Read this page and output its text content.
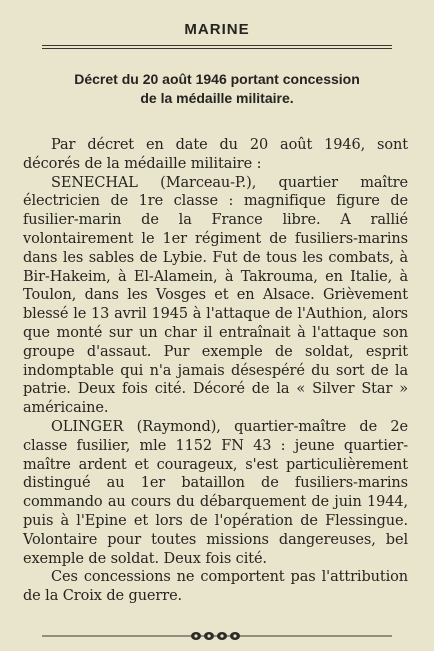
MARINE
Décret du 20 août 1946 portant concession
de la médaille militaire.

Par décret en date du 20 août 1946, sont décorés de la médaille militaire :

SENECHAL (Marceau-P.), quartier maître électricien de 1re classe : magnifique figure de fusilier-marin de la France libre. A rallié volontairement le 1er régiment de fusiliers-marins dans les sables de Lybie. Fut de tous les combats, à Bir-Hakeim, à El-Alamein, à Takrouma, en Italie, à Toulon, dans les Vosges et en Alsace. Grièvement blessé le 13 avril 1945 à l'attaque de l'Authion, alors que monté sur un char il entraînait à l'attaque son groupe d'assaut. Pur exemple de soldat, esprit indomptable qui n'a jamais désespéré du sort de la patrie. Deux fois cité. Décoré de la « Silver Star » américaine.

OLINGER (Raymond), quartier-maître de 2e classe fusilier, mle 1152 FN 43 : jeune quartier-maître ardent et courageux, s'est particulièrement distingué au 1er bataillon de fusiliers-marins commando au cours du débarquement de juin 1944, puis à l'Epine et lors de l'opération de Flessingue. Volontaire pour toutes missions dangereuses, bel exemple de soldat. Deux fois cité.

Ces concessions ne comportent pas l'attribution de la Croix de guerre.
